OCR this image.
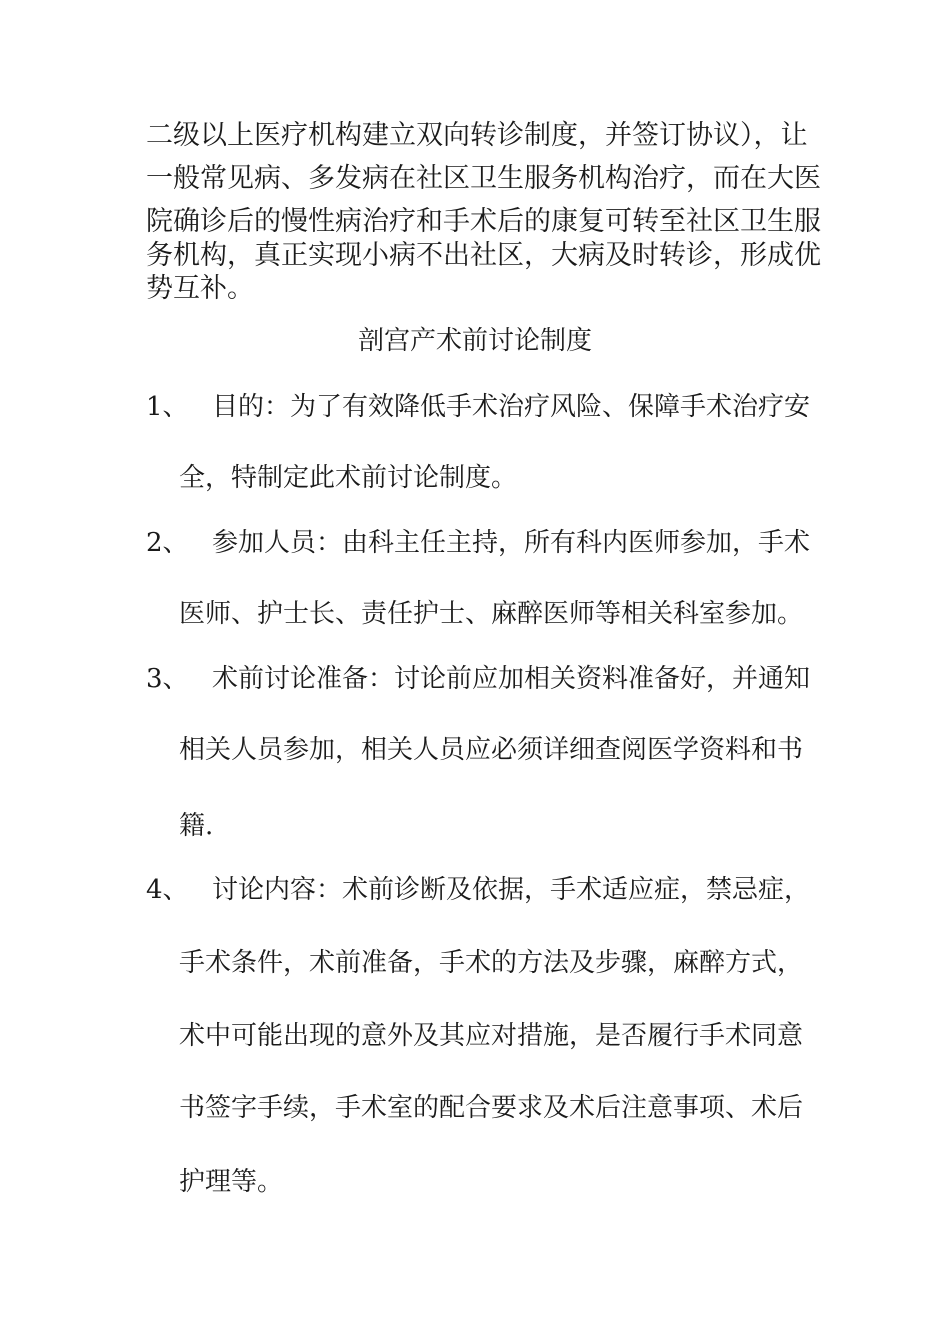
二级以上医疗机构建立双向转诊制度，并签订协议），让
一般常见病、多发病在社区卫生服务机构治疗，而在大医
院确诊后的慢性病治疗和手术后的康复可转至社区卫生服
务机构，真正实现小病不出社区，大病及时转诊，形成优
势互补。
剖宫产术前讨论制度
1、 目的：为了有效降低手术治疗风险、保障手术治疗安
全，特制定此术前讨论制度。
2、 参加人员：由科主任主持，所有科内医师参加，手术
医师、护士长、责任护士、麻醉医师等相关科室参加。
3、 术前讨论准备：讨论前应加相关资料准备好，并通知
相关人员参加，相关人员应必须详细查阅医学资料和书
籍.
4、 讨论内容：术前诊断及依据，手术适应症，禁忌症，
手术条件，术前准备，手术的方法及步骤，麻醉方式，
术中可能出现的意外及其应对措施，是否履行手术同意
书签字手续，手术室的配合要求及术后注意事项、术后
护理等。
